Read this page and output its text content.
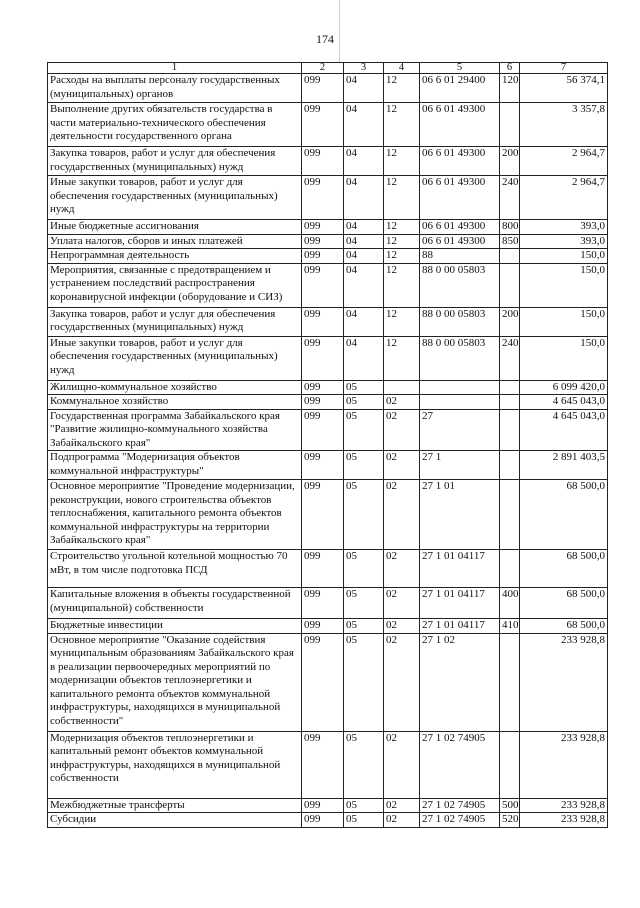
174
1	2	3	4	5	6	7
Расходы на выплаты персоналу государственных (муниципальных) органов	099	04	12	06 6 01 29400	120	56 374,1
Выполнение других обязательств государства в части материально-технического обеспечения деятельности государственного органа	099	04	12	06 6 01 49300		3 357,8
Закупка товаров, работ и услуг для обеспечения государственных (муниципальных) нужд	099	04	12	06 6 01 49300	200	2 964,7
Иные закупки товаров, работ и услуг для обеспечения государственных (муниципальных) нужд	099	04	12	06 6 01 49300	240	2 964,7
Иные бюджетные ассигнования	099	04	12	06 6 01 49300	800	393,0
Уплата налогов, сборов и иных платежей	099	04	12	06 6 01 49300	850	393,0
Непрограммная деятельность	099	04	12	88		150,0
Мероприятия, связанные с предотвращением и устранением последствий распространения коронавирусной инфекции (оборудование и СИЗ)	099	04	12	88 0 00 05803		150,0
Закупка товаров, работ и услуг для обеспечения государственных (муниципальных) нужд	099	04	12	88 0 00 05803	200	150,0
Иные закупки товаров, работ и услуг для обеспечения государственных (муниципальных) нужд	099	04	12	88 0 00 05803	240	150,0
Жилищно-коммунальное хозяйство	099	05				6 099 420,0
Коммунальное хозяйство	099	05	02			4 645 043,0
Государственная программа Забайкальского края "Развитие жилищно-коммунального хозяйства Забайкальского края"	099	05	02	27		4 645 043,0
Подпрограмма "Модернизация объектов коммунальной инфраструктуры"	099	05	02	27 1		2 891 403,5
Основное мероприятие "Проведение модернизации, реконструкции, нового строительства объектов теплоснабжения, капитального ремонта объектов коммунальной инфраструктуры на территории Забайкальского края"	099	05	02	27 1 01		68 500,0
Строительство угольной котельной мощностью 70 мВт, в том числе подготовка ПСД	099	05	02	27 1 01 04117		68 500,0
Капитальные вложения в объекты государственной (муниципальной) собственности	099	05	02	27 1 01 04117	400	68 500,0
Бюджетные инвестиции	099	05	02	27 1 01 04117	410	68 500,0
Основное мероприятие "Оказание содействия муниципальным образованиям Забайкальского края в реализации первоочередных мероприятий по модернизации объектов теплоэнергетики и капитального ремонта объектов коммунальной инфраструктуры, находящихся в муниципальной собственности"	099	05	02	27 1 02		233 928,8
Модернизация объектов теплоэнергетики и капитальный ремонт объектов коммунальной инфраструктуры, находящихся в муниципальной собственности	099	05	02	27 1 02 74905		233 928,8
Межбюджетные трансферты	099	05	02	27 1 02 74905	500	233 928,8
Субсидии	099	05	02	27 1 02 74905	520	233 928,8
